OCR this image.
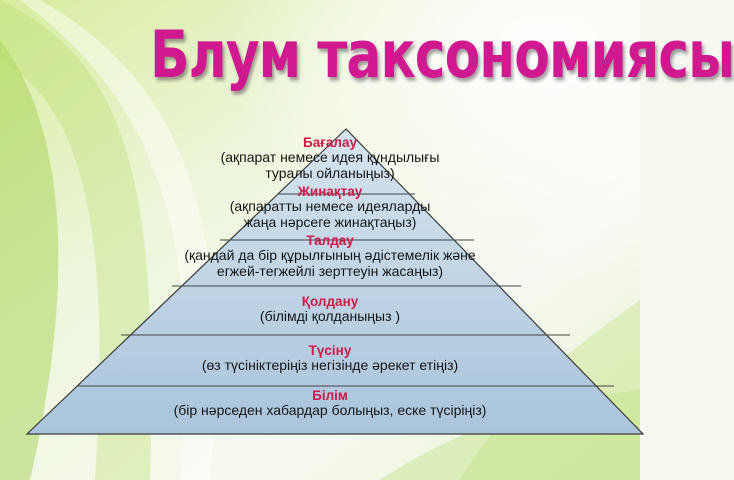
Блум таксономиясы
Бағалау
(ақпарат немесе идея құндылығы
туралы ойланыңыз)
Жинақтау
(ақпаратты немесе идеяларды
жаңа нәрсеге жинақтаңыз)
Талдау
(қандай да бір құрылғының әдістемелік және
егжей-тегжейлі зерттеуін жасаңыз)
Қолдану
(білімді қолданыңыз )
Түсіну
(өз түсініктеріңіз негізінде әрекет етіңіз)
Білім
(бір нәрседен хабардар болыңыз, еске түсіріңіз)
